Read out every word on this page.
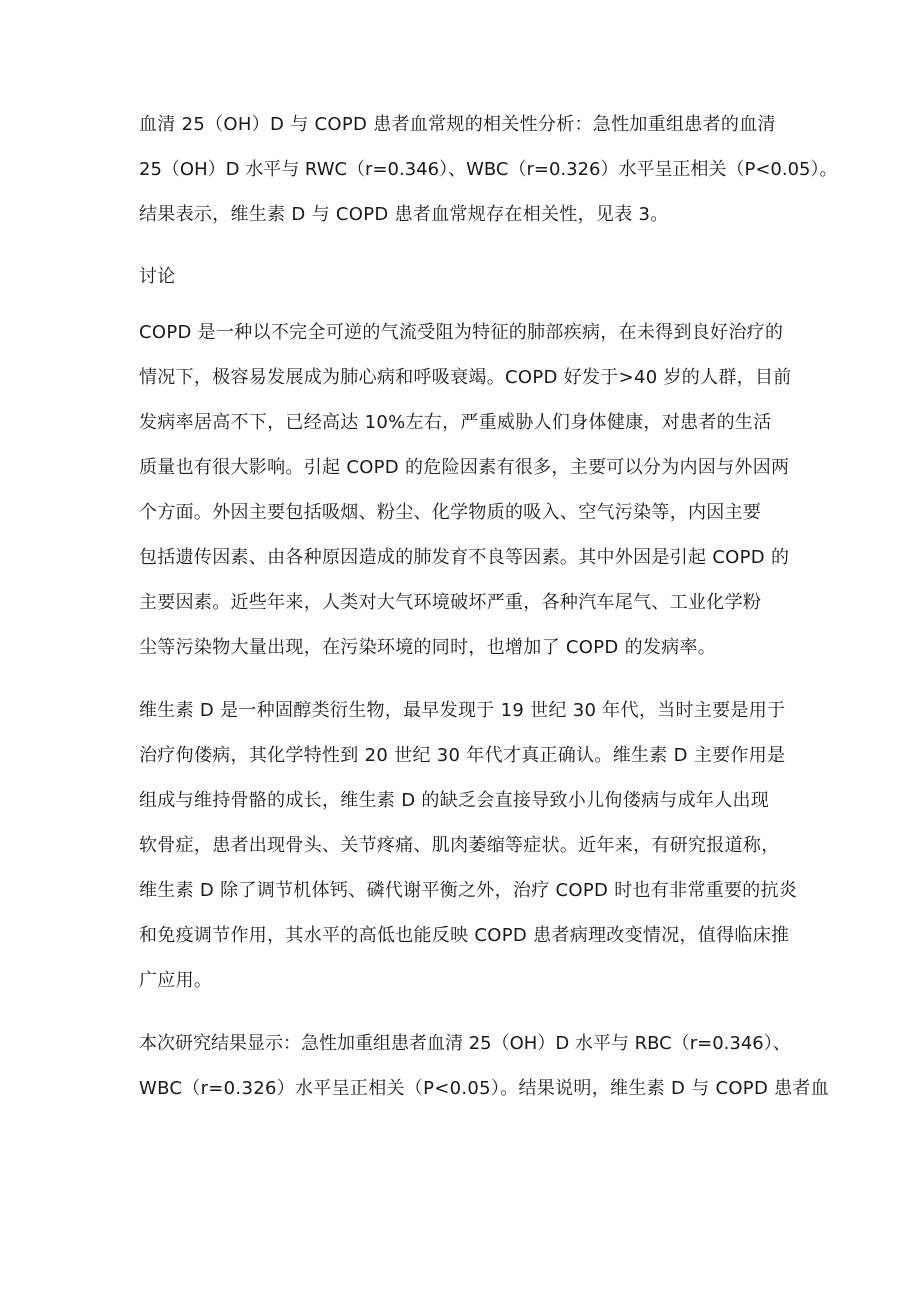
血清 25（OH）D 与 COPD 患者血常规的相关性分析：急性加重组患者的血清
25（OH）D 水平与 RWC（r=0.346）、WBC（r=0.326）水平呈正相关（P<0.05）。
结果表示，维生素 D 与 COPD 患者血常规存在相关性，见表 3。
讨论
COPD 是一种以不完全可逆的气流受阻为特征的肺部疾病，在未得到良好治疗的
情况下，极容易发展成为肺心病和呼吸衰竭。COPD 好发于>40 岁的人群，目前
发病率居高不下，已经高达 10%左右，严重威胁人们身体健康，对患者的生活
质量也有很大影响。引起 COPD 的危险因素有很多，主要可以分为内因与外因两
个方面。外因主要包括吸烟、粉尘、化学物质的吸入、空气污染等，内因主要
包括遗传因素、由各种原因造成的肺发育不良等因素。其中外因是引起 COPD 的
主要因素。近些年来，人类对大气环境破坏严重，各种汽车尾气、工业化学粉
尘等污染物大量出现，在污染环境的同时，也增加了 COPD 的发病率。
维生素 D 是一种固醇类衍生物，最早发现于 19 世纪 30 年代，当时主要是用于
治疗佝偻病，其化学特性到 20 世纪 30 年代才真正确认。维生素 D 主要作用是
组成与维持骨骼的成长，维生素 D 的缺乏会直接导致小儿佝偻病与成年人出现
软骨症，患者出现骨头、关节疼痛、肌肉萎缩等症状。近年来，有研究报道称，
维生素 D 除了调节机体钙、磷代谢平衡之外，治疗 COPD 时也有非常重要的抗炎
和免疫调节作用，其水平的高低也能反映 COPD 患者病理改变情况，值得临床推
广应用。
本次研究结果显示：急性加重组患者血清 25（OH）D 水平与 RBC（r=0.346）、
WBC（r=0.326）水平呈正相关（P<0.05）。结果说明，维生素 D 与 COPD 患者血
